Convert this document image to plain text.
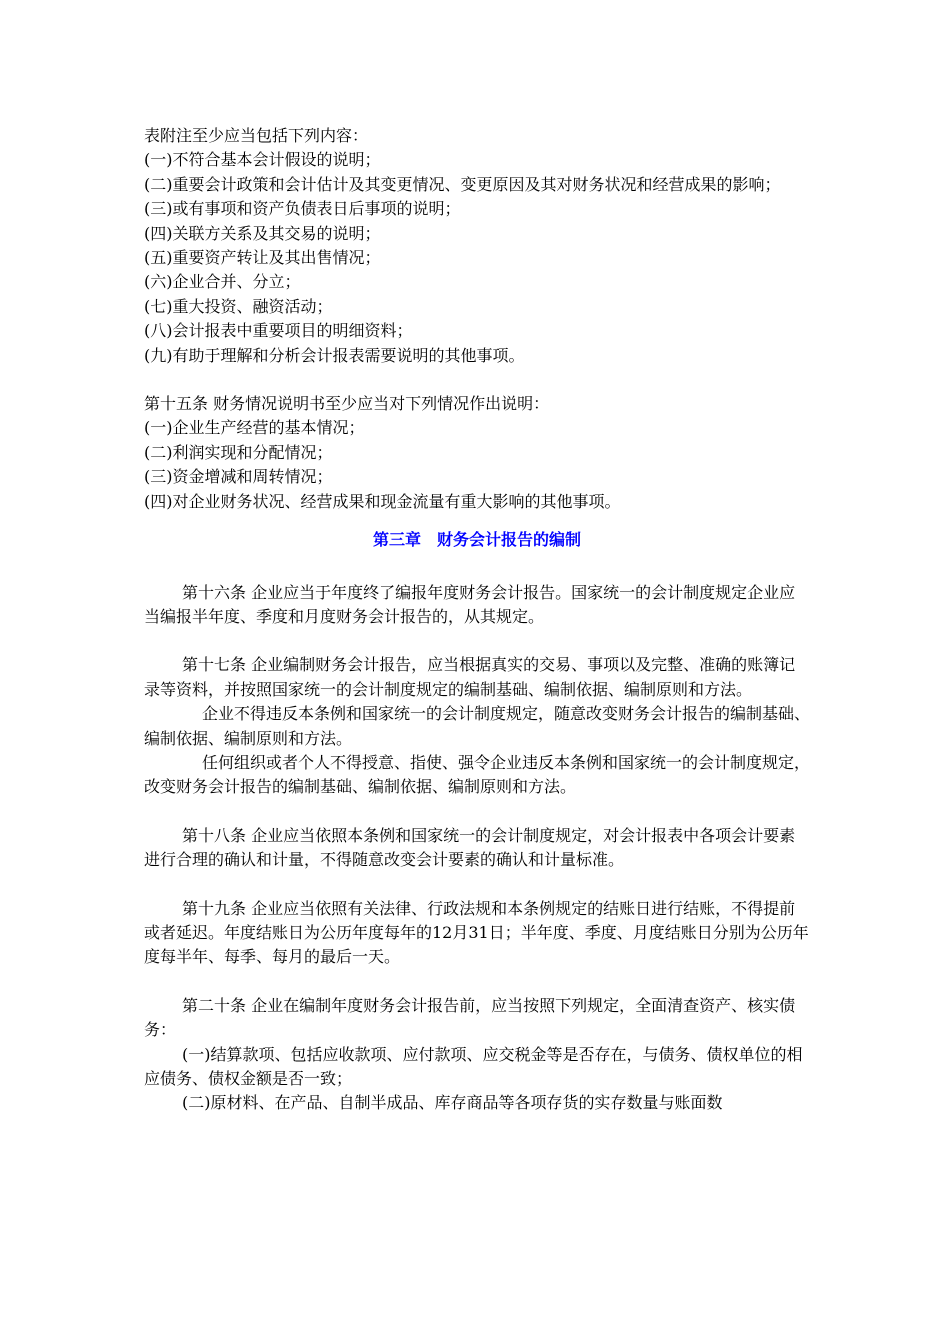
表附注至少应当包括下列内容：

(一)不符合基本会计假设的说明；

(二)重要会计政策和会计估计及其变更情况、变更原因及其对财务状况和经营成果的影响；

(三)或有事项和资产负债表日后事项的说明；

(四)关联方关系及其交易的说明；

(五)重要资产转让及其出售情况；

(六)企业合并、分立；

(七)重大投资、融资活动；

(八)会计报表中重要项目的明细资料；

(九)有助于理解和分析会计报表需要说明的其他事项。

第十五条 财务情况说明书至少应当对下列情况作出说明：

(一)企业生产经营的基本情况；

(二)利润实现和分配情况；

(三)资金增减和周转情况；

(四)对企业财务状况、经营成果和现金流量有重大影响的其他事项。

第三章　财务会计报告的编制

第十六条 企业应当于年度终了编报年度财务会计报告。国家统一的会计制度规定企业应当编报半年度、季度和月度财务会计报告的，从其规定。

第十七条 企业编制财务会计报告，应当根据真实的交易、事项以及完整、准确的账簿记录等资料，并按照国家统一的会计制度规定的编制基础、编制依据、编制原则和方法。

企业不得违反本条例和国家统一的会计制度规定，随意改变财务会计报告的编制基础、编制依据、编制原则和方法。

任何组织或者个人不得授意、指使、强令企业违反本条例和国家统一的会计制度规定，改变财务会计报告的编制基础、编制依据、编制原则和方法。

第十八条 企业应当依照本条例和国家统一的会计制度规定，对会计报表中各项会计要素进行合理的确认和计量，不得随意改变会计要素的确认和计量标准。

第十九条 企业应当依照有关法律、行政法规和本条例规定的结账日进行结账，不得提前或者延迟。年度结账日为公历年度每年的12月31日；半年度、季度、月度结账日分别为公历年度每半年、每季、每月的最后一天。

第二十条 企业在编制年度财务会计报告前，应当按照下列规定，全面清查资产、核实债务：

(一)结算款项、包括应收款项、应付款项、应交税金等是否存在，与债务、债权单位的相应债务、债权金额是否一致；

(二)原材料、在产品、自制半成品、库存商品等各项存货的实存数量与账面数
